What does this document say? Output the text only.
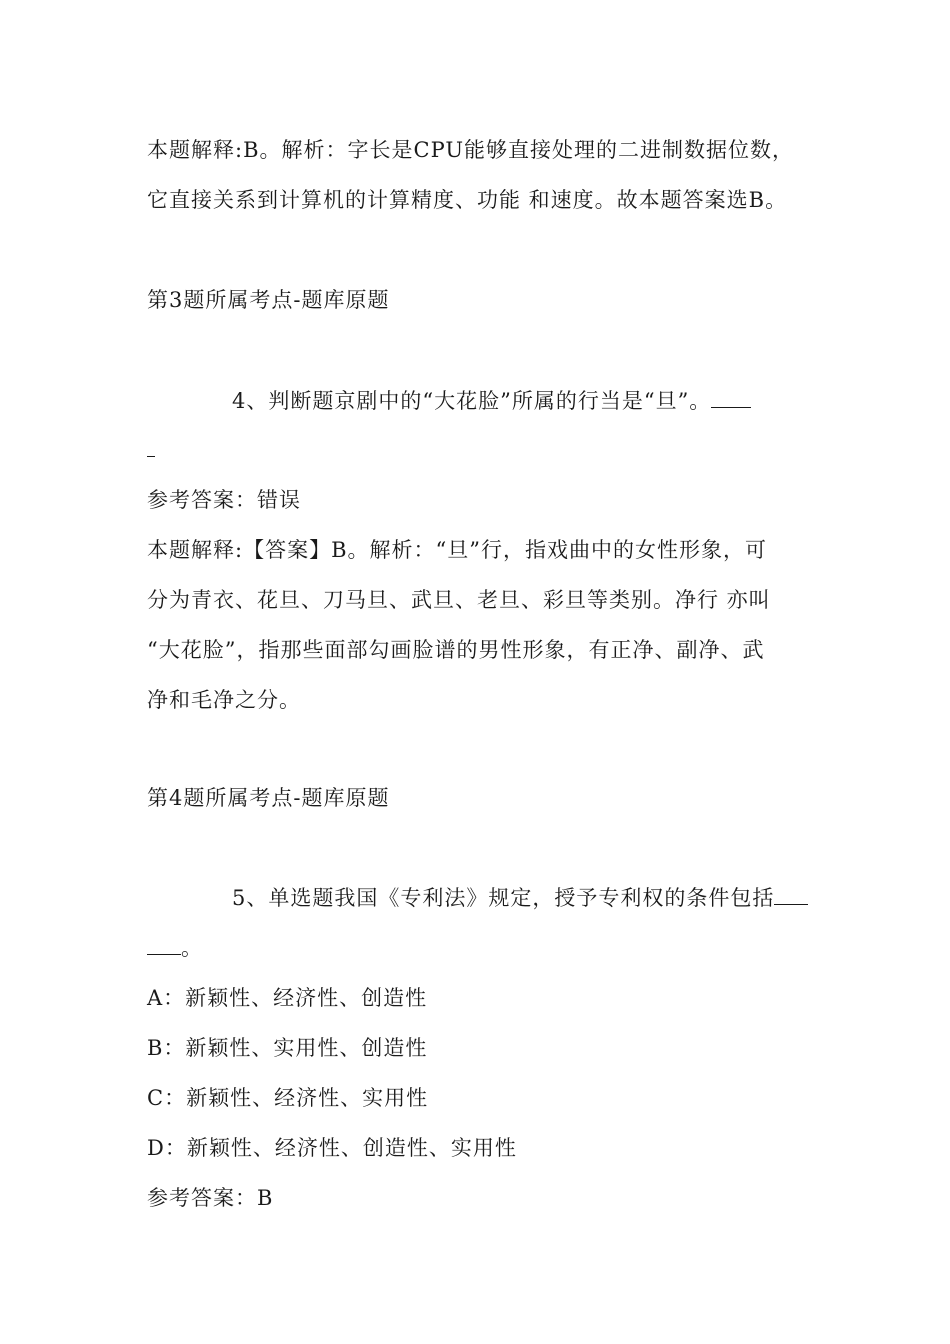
本题解释:B。解析：字长是CPU能够直接处理的二进制数据位数，
它直接关系到计算机的计算精度、功能 和速度。故本题答案选B。
第3题所属考点-题库原题
4、判断题京剧中的“大花脸”所属的行当是“旦”。
参考答案：错误
本题解释:【答案】B。解析：“旦”行，指戏曲中的女性形象，可
分为青衣、花旦、刀马旦、武旦、老旦、彩旦等类别。净行 亦叫
“大花脸”，指那些面部勾画脸谱的男性形象，有正净、副净、武
净和毛净之分。
第4题所属考点-题库原题
5、单选题我国《专利法》规定，授予专利权的条件包括
。
A：新颖性、经济性、创造性
B：新颖性、实用性、创造性
C：新颖性、经济性、实用性
D：新颖性、经济性、创造性、实用性
参考答案：B
